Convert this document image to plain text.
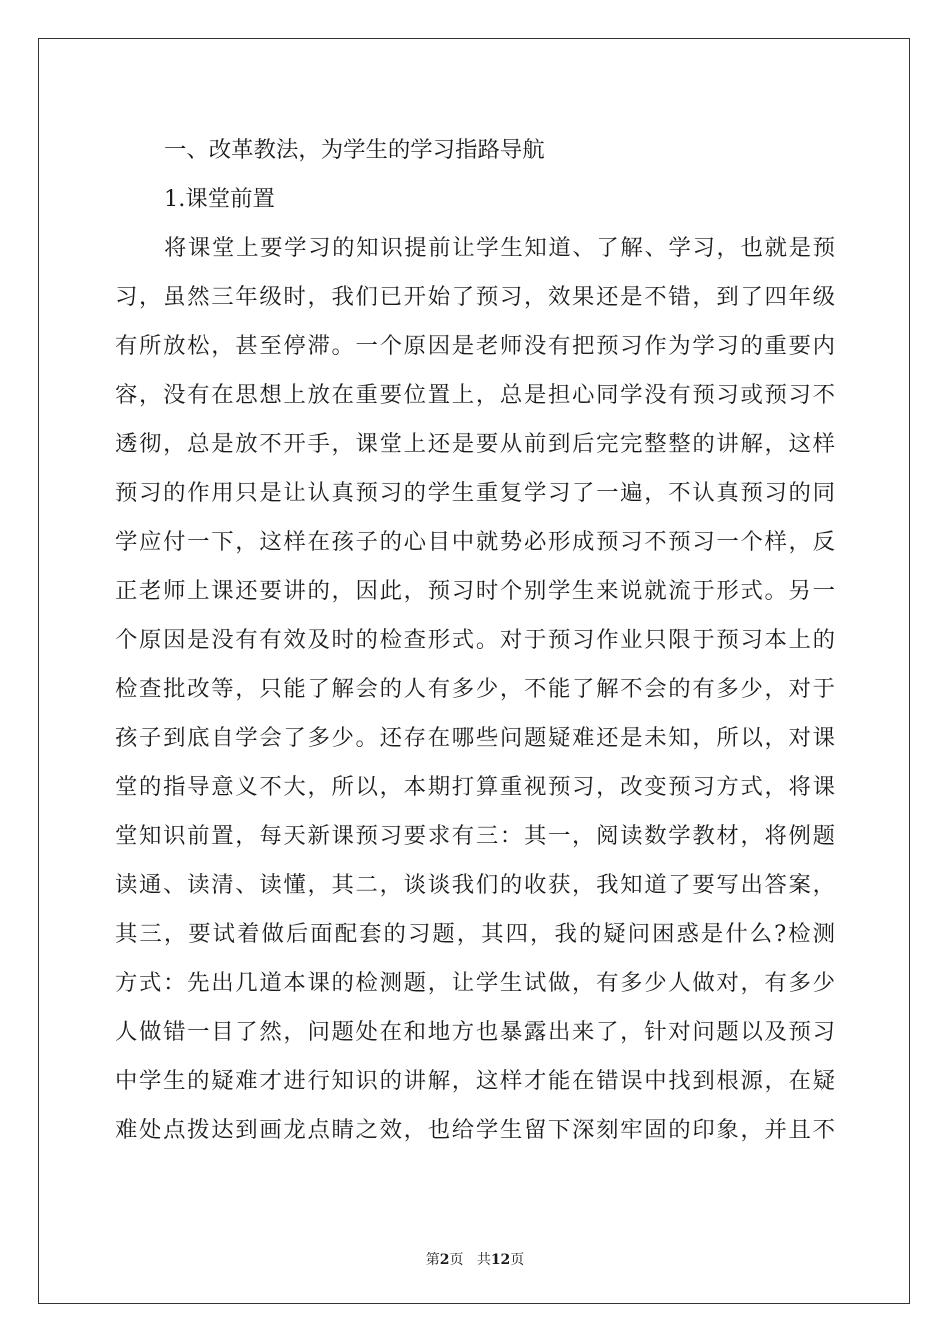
一、改革教法，为学生的学习指路导航
1.课堂前置
将课堂上要学习的知识提前让学生知道、了解、学习，也就是预
习，虽然三年级时，我们已开始了预习，效果还是不错，到了四年级
有所放松，甚至停滞。一个原因是老师没有把预习作为学习的重要内
容，没有在思想上放在重要位置上，总是担心同学没有预习或预习不
透彻，总是放不开手，课堂上还是要从前到后完完整整的讲解，这样
预习的作用只是让认真预习的学生重复学习了一遍，不认真预习的同
学应付一下，这样在孩子的心目中就势必形成预习不预习一个样，反
正老师上课还要讲的，因此，预习时个别学生来说就流于形式。另一
个原因是没有有效及时的检查形式。对于预习作业只限于预习本上的
检查批改等，只能了解会的人有多少，不能了解不会的有多少，对于
孩子到底自学会了多少。还存在哪些问题疑难还是未知，所以，对课
堂的指导意义不大，所以，本期打算重视预习，改变预习方式，将课
堂知识前置，每天新课预习要求有三：其一，阅读数学教材，将例题
读通、读清、读懂，其二，谈谈我们的收获，我知道了要写出答案，
其三，要试着做后面配套的习题，其四，我的疑问困惑是什么?检测
方式：先出几道本课的检测题，让学生试做，有多少人做对，有多少
人做错一目了然，问题处在和地方也暴露出来了，针对问题以及预习
中学生的疑难才进行知识的讲解，这样才能在错误中找到根源，在疑
难处点拨达到画龙点睛之效，也给学生留下深刻牢固的印象，并且不
第2页 共12页
